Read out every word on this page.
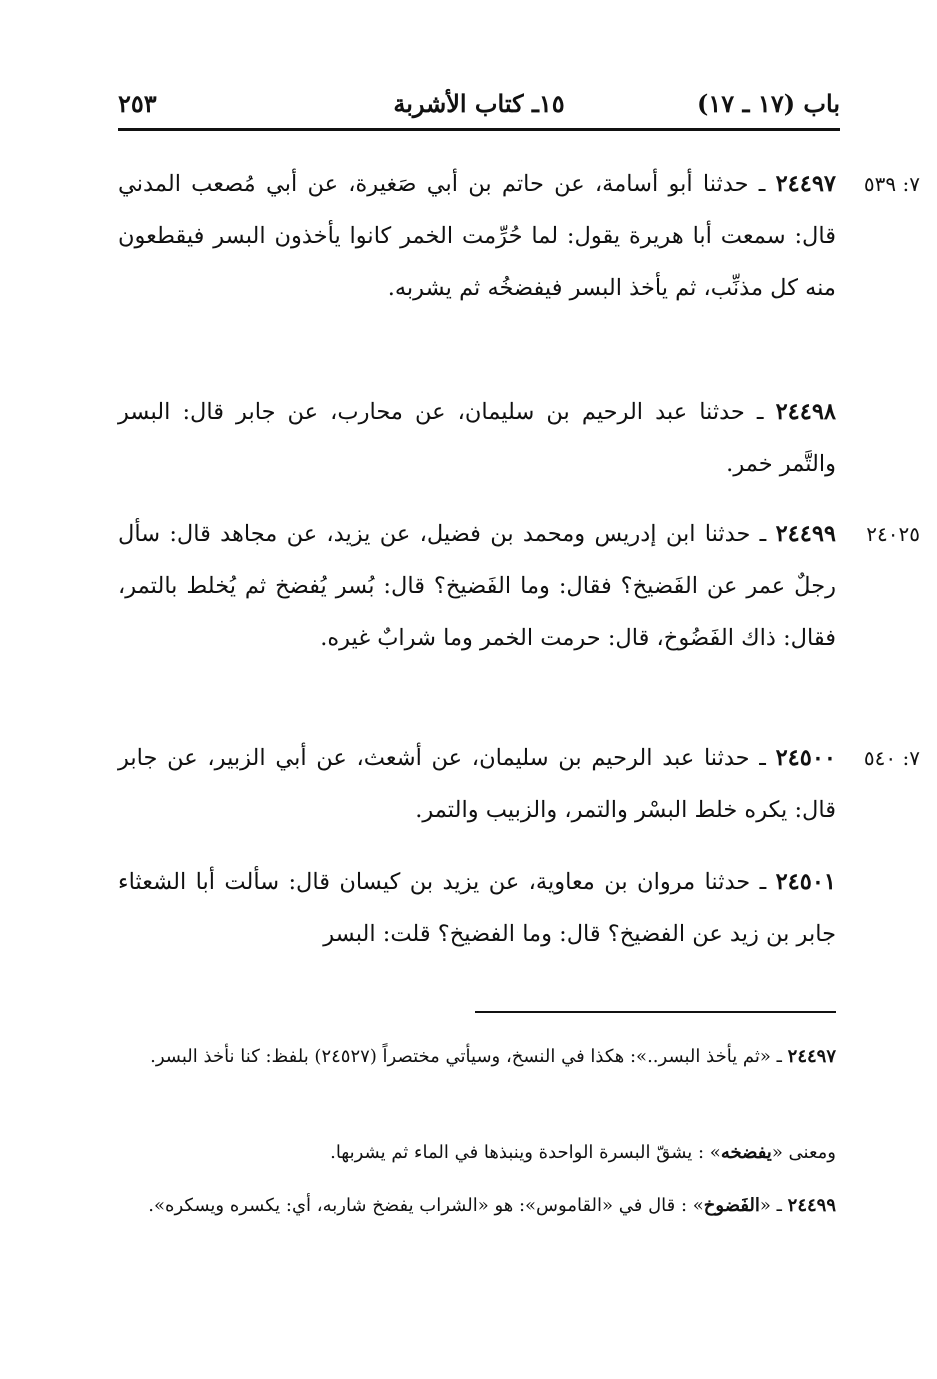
باب (١٧ ـ ١٧)
١٥ـ كتاب الأشربة
٢٥٣
٧: ٥٣٩

٢٤٤٩٧ ـ حدثنا أبو أسامة، عن حاتم بن أبي صَغيرة، عن أبي مُصعب المدني قال: سمعت أبا هريرة يقول: لما حُرِّمت الخمر كانوا يأخذون البسر فيقطعون منه كل مذنِّب، ثم يأخذ البسر فيفضخُه ثم يشربه.

٢٤٤٩٨ ـ حدثنا عبد الرحيم بن سليمان، عن محارب، عن جابر قال: البسر والتَّمر خمر.

٢٤٠٢٥

٢٤٤٩٩ ـ حدثنا ابن إدريس ومحمد بن فضيل، عن يزيد، عن مجاهد قال: سأل رجلٌ عمر عن الفَضيخ؟ فقال: وما الفَضيخ؟ قال: بُسر يُفضخ ثم يُخلط بالتمر، فقال: ذاك الفَضُوخ، قال: حرمت الخمر وما شرابٌ غيره.

٧: ٥٤٠

٢٤٥٠٠ ـ حدثنا عبد الرحيم بن سليمان، عن أشعث، عن أبي الزبير، عن جابر قال: يكره خلط البسْر والتمر، والزبيب والتمر.

٢٤٥٠١ ـ حدثنا مروان بن معاوية، عن يزيد بن كيسان قال: سألت أبا الشعثاء جابر بن زيد عن الفضيخ؟ قال: وما الفضيخ؟ قلت: البسر

٢٤٤٩٧ ـ «ثم يأخذ البسر..»: هكذا في النسخ، وسيأتي مختصراً (٢٤٥٢٧) بلفظ: كنا نأخذ البسر.

ومعنى «يفضخه» : يشقّ البسرة الواحدة وينبذها في الماء ثم يشربها.

٢٤٤٩٩ ـ «الفَضوخ» : قال في «القاموس»: هو «الشراب يفضخ شاربه، أي: يكسره ويسكره».
